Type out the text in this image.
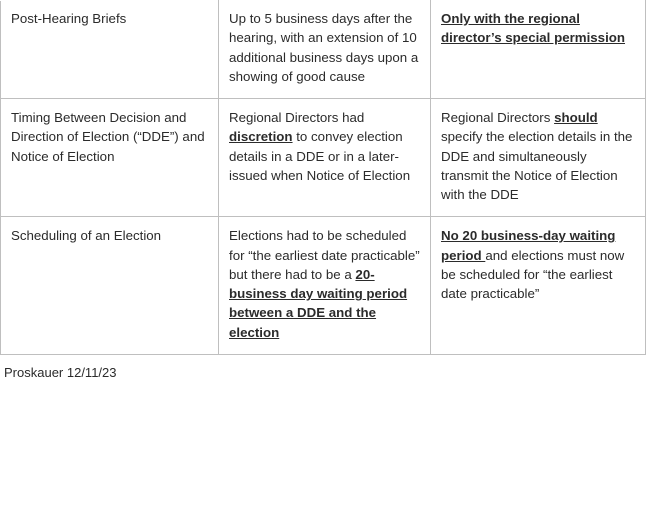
Post-Hearing Briefs	Up to 5 business days after the hearing, with an extension of 10 additional business days upon a showing of good cause	Only with the regional director’s special permission
Timing Between Decision and Direction of Election (“DDE”) and Notice of Election	Regional Directors had discretion to convey election details in a DDE or in a later-issued when Notice of Election	Regional Directors should specify the election details in the DDE and simultaneously transmit the Notice of Election with the DDE
Scheduling of an Election	Elections had to be scheduled for “the earliest date practicable” but there had to be a 20-business day waiting period between a DDE and the election	No 20 business-day waiting period and elections must now be scheduled for “the earliest date practicable”
Proskauer 12/11/23
